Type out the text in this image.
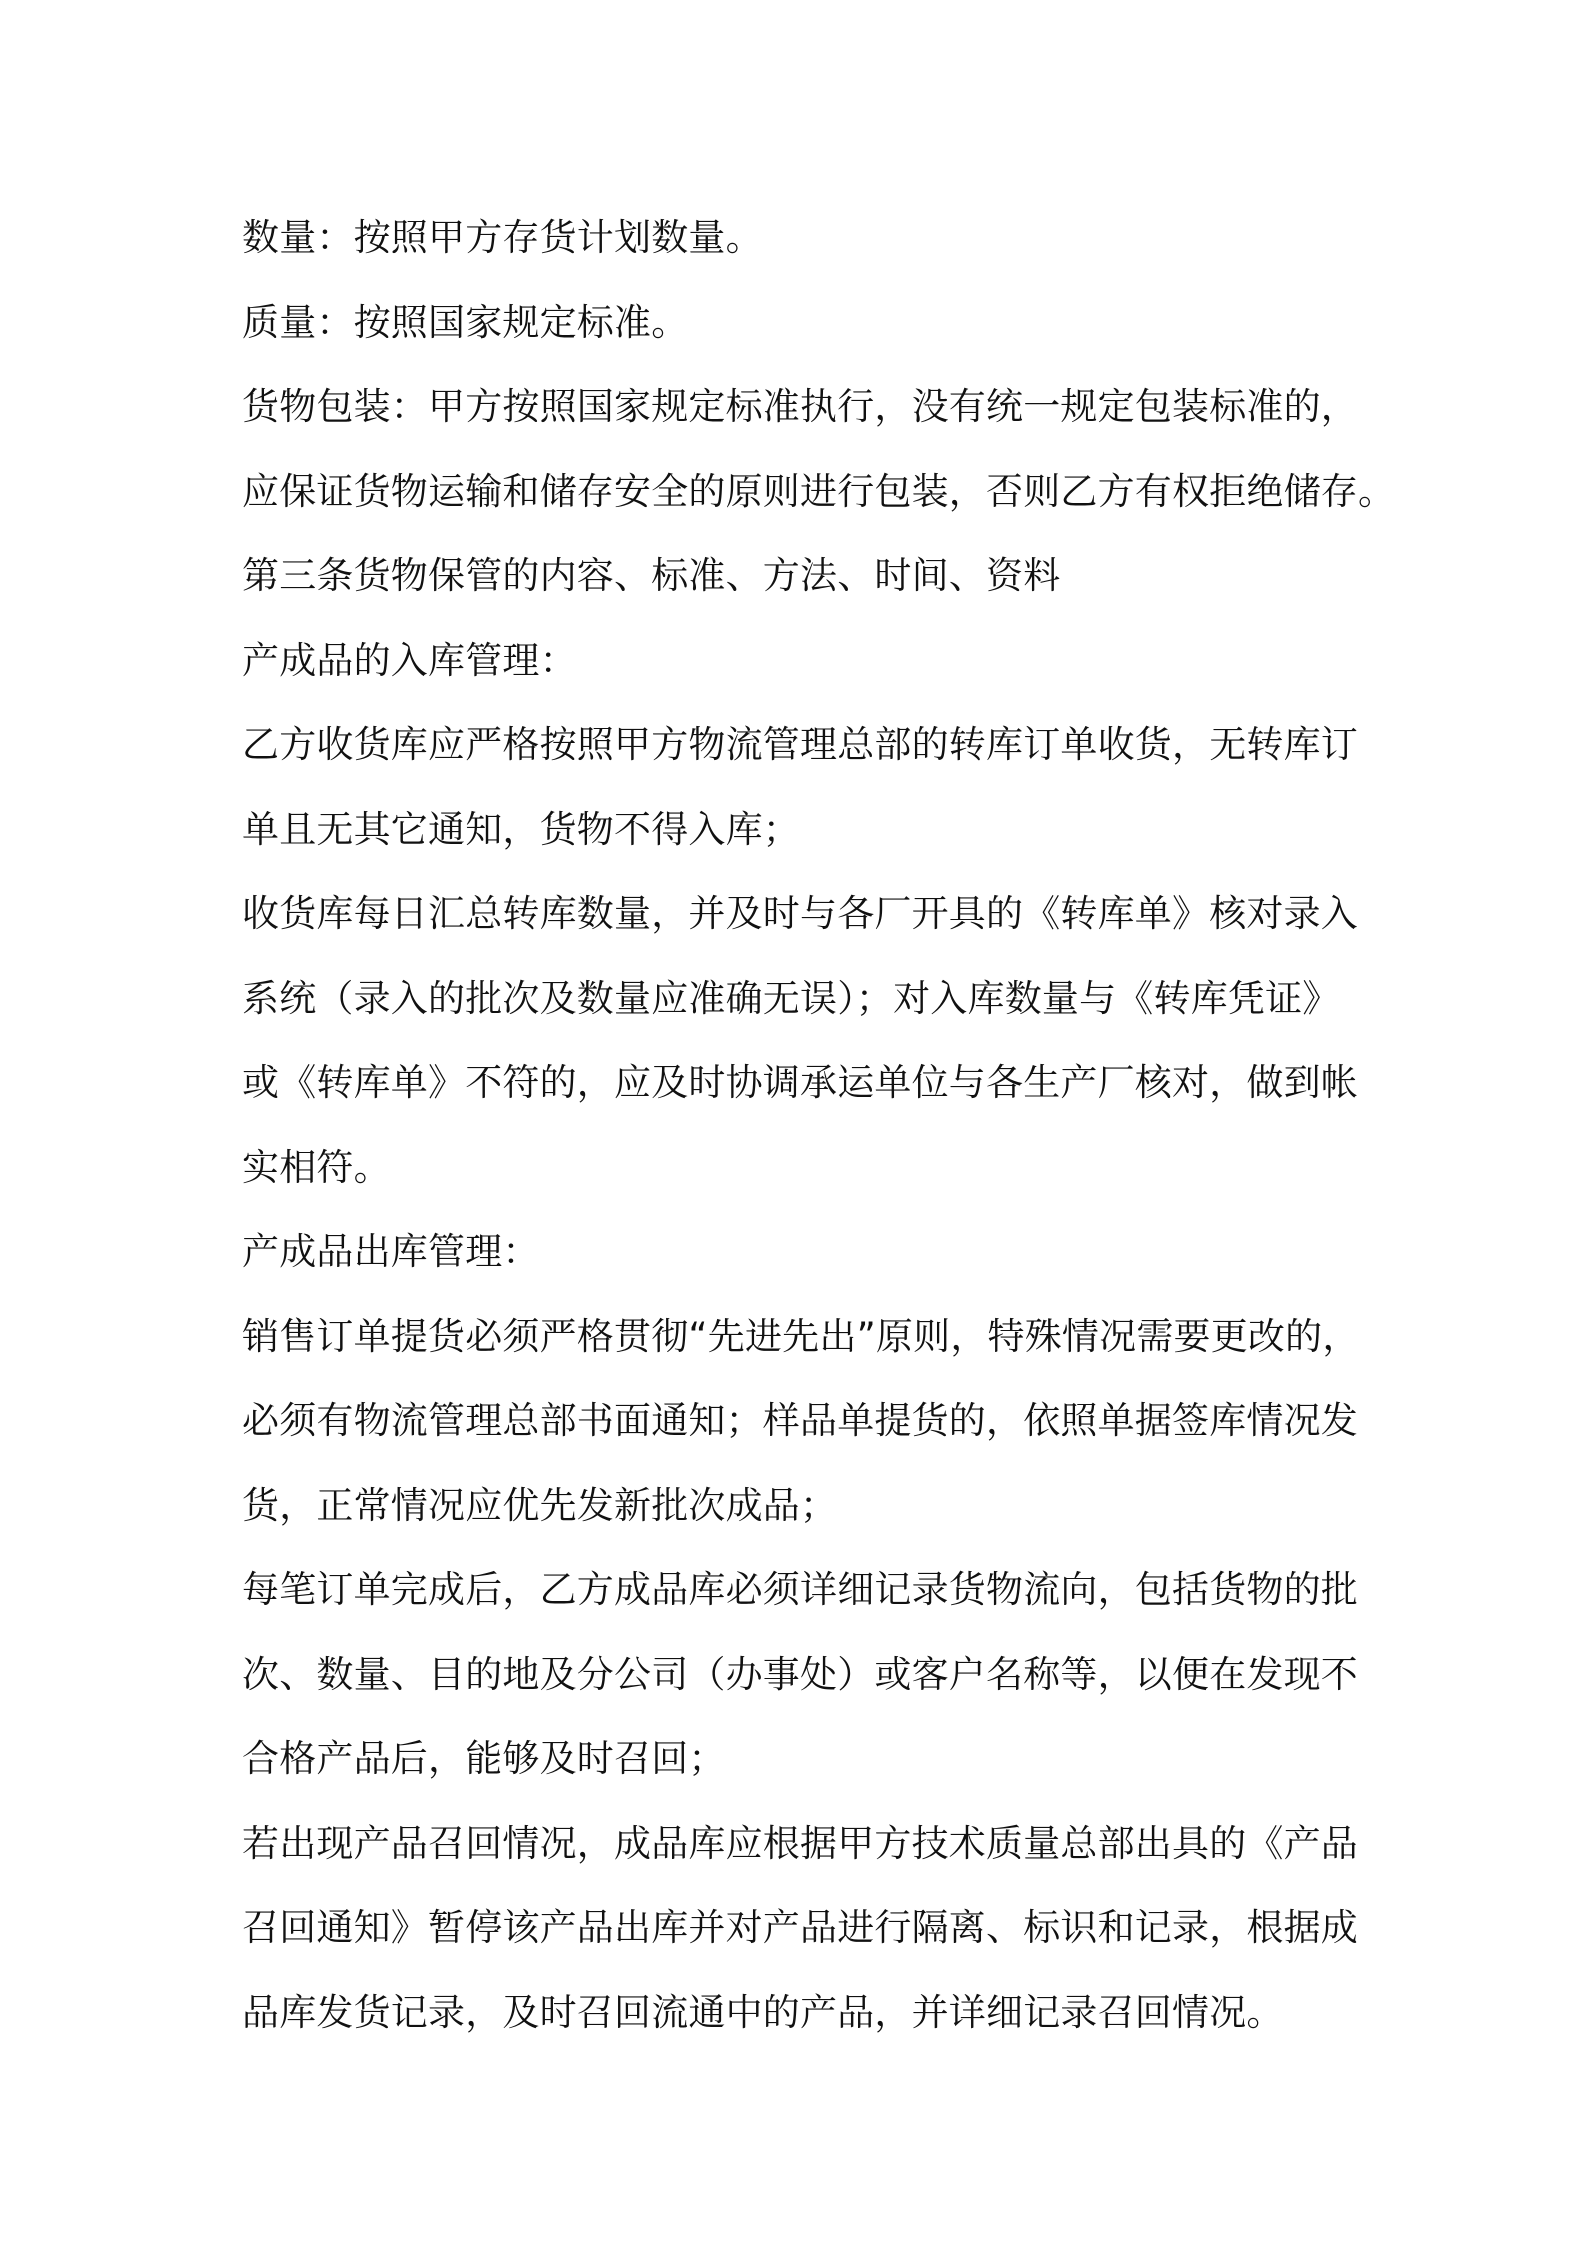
数量：按照甲方存货计划数量。
质量：按照国家规定标准。
货物包装：甲方按照国家规定标准执行，没有统一规定包装标准的，
应保证货物运输和储存安全的原则进行包装，否则乙方有权拒绝储存。
第三条货物保管的内容、标准、方法、时间、资料
产成品的入库管理：
乙方收货库应严格按照甲方物流管理总部的转库订单收货，无转库订
单且无其它通知，货物不得入库；
收货库每日汇总转库数量，并及时与各厂开具的《转库单》核对录入
系统（录入的批次及数量应准确无误）；对入库数量与《转库凭证》
或《转库单》不符的，应及时协调承运单位与各生产厂核对，做到帐
实相符。
产成品出库管理：
销售订单提货必须严格贯彻“先进先出”原则，特殊情况需要更改的，
必须有物流管理总部书面通知；样品单提货的，依照单据签库情况发
货，正常情况应优先发新批次成品；
每笔订单完成后，乙方成品库必须详细记录货物流向，包括货物的批
次、数量、目的地及分公司（办事处）或客户名称等，以便在发现不
合格产品后，能够及时召回；
若出现产品召回情况，成品库应根据甲方技术质量总部出具的《产品
召回通知》暂停该产品出库并对产品进行隔离、标识和记录，根据成
品库发货记录，及时召回流通中的产品，并详细记录召回情况。
